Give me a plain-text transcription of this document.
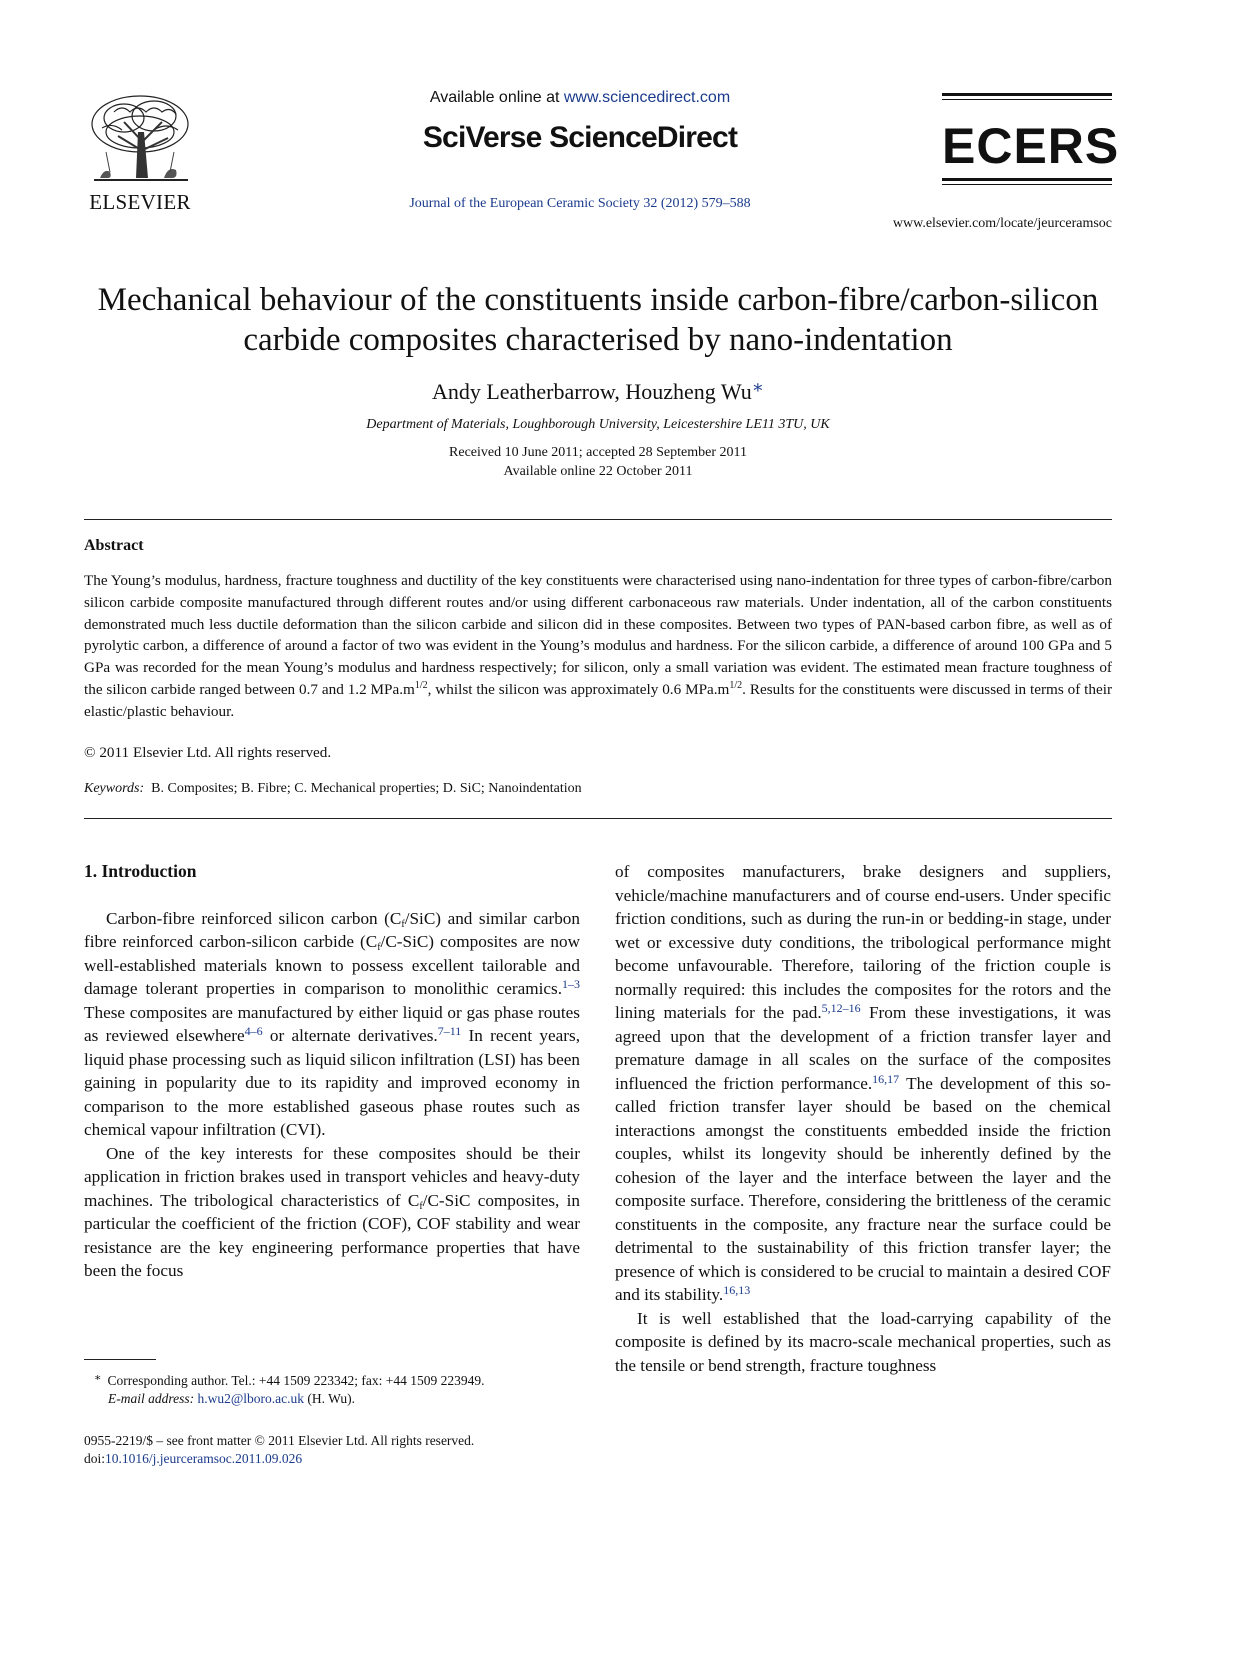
ELSEVIER
Available online at www.sciencedirect.com
SciVerse ScienceDirect
Journal of the European Ceramic Society 32 (2012) 579–588
ECERS
www.elsevier.com/locate/jeurceramsoc
Mechanical behaviour of the constituents inside carbon-fibre/carbon-silicon
carbide composites characterised by nano-indentation
Andy Leatherbarrow, Houzheng Wu∗
Department of Materials, Loughborough University, Leicestershire LE11 3TU, UK
Received 10 June 2011; accepted 28 September 2011
Available online 22 October 2011
Abstract

The Young’s modulus, hardness, fracture toughness and ductility of the key constituents were characterised using nano-indentation for three types of carbon-fibre/carbon silicon carbide composite manufactured through different routes and/or using different carbonaceous raw materials. Under indentation, all of the carbon constituents demonstrated much less ductile deformation than the silicon carbide and silicon did in these composites. Between two types of PAN-based carbon fibre, as well as of pyrolytic carbon, a difference of around a factor of two was evident in the Young’s modulus and hardness. For the silicon carbide, a difference of around 100 GPa and 5 GPa was recorded for the mean Young’s modulus and hardness respectively; for silicon, only a small variation was evident. The estimated mean fracture toughness of the silicon carbide ranged between 0.7 and 1.2 $MPa.m^{1/2}$, whilst the silicon was approximately 0.6 $MPa.m^{1/2}$. Results for the constituents were discussed in terms of their elastic/plastic behaviour.

© 2011 Elsevier Ltd. All rights reserved.
Keywords: B. Composites; B. Fibre; C. Mechanical properties; D. SiC; Nanoindentation
1. Introduction

Carbon-fibre reinforced silicon carbon $(C_f/SiC)$ and similar carbon fibre reinforced carbon-silicon carbide $(C_f/C-SiC)$ composites are now well-established materials known to possess excellent tailorable and damage tolerant properties in comparison to monolithic ceramics.$^{1-3}$ These composites are manufactured by either liquid or gas phase routes as reviewed elsewhere$^{4-6}$ or alternate derivatives.$^{7-11}$ In recent years, liquid phase processing such as liquid silicon infiltration (LSI) has been gaining in popularity due to its rapidity and improved economy in comparison to the more established gaseous phase routes such as chemical vapour infiltration (CVI).

One of the key interests for these composites should be their application in friction brakes used in transport vehicles and heavy-duty machines. The tribological characteristics of $C_f/C$-SiC composites, in particular the coefficient of the friction (COF), COF stability and wear resistance are the key engineering performance properties that have been the focus

of composites manufacturers, brake designers and suppliers, vehicle/machine manufacturers and of course end-users. Under specific friction conditions, such as during the run-in or bedding-in stage, under wet or excessive duty conditions, the tribological performance might become unfavourable. Therefore, tailoring of the friction couple is normally required: this includes the composites for the rotors and the lining materials for the pad.$^{5,12-16}$ From these investigations, it was agreed upon that the development of a friction transfer layer and premature damage in all scales on the surface of the composites influenced the friction performance.$^{16,17}$ The development of this so-called friction transfer layer should be based on the chemical interactions amongst the constituents embedded inside the friction couples, whilst its longevity should be inherently defined by the cohesion of the layer and the interface between the layer and the composite surface. Therefore, considering the brittleness of the ceramic constituents in the composite, any fracture near the surface could be detrimental to the sustainability of this friction transfer layer; the presence of which is considered to be crucial to maintain a desired COF and its stability.$^{16,13}$

It is well established that the load-carrying capability of the composite is defined by its macro-scale mechanical properties, such as the tensile or bend strength, fracture toughness

∗ Corresponding author. Tel.: +44 1509 223342; fax: +44 1509 223949.
E-mail address: h.wu2@lboro.ac.uk (H. Wu).
0955-2219/$ – see front matter © 2011 Elsevier Ltd. All rights reserved.
doi:10.1016/j.jeurceramsoc.2011.09.026
